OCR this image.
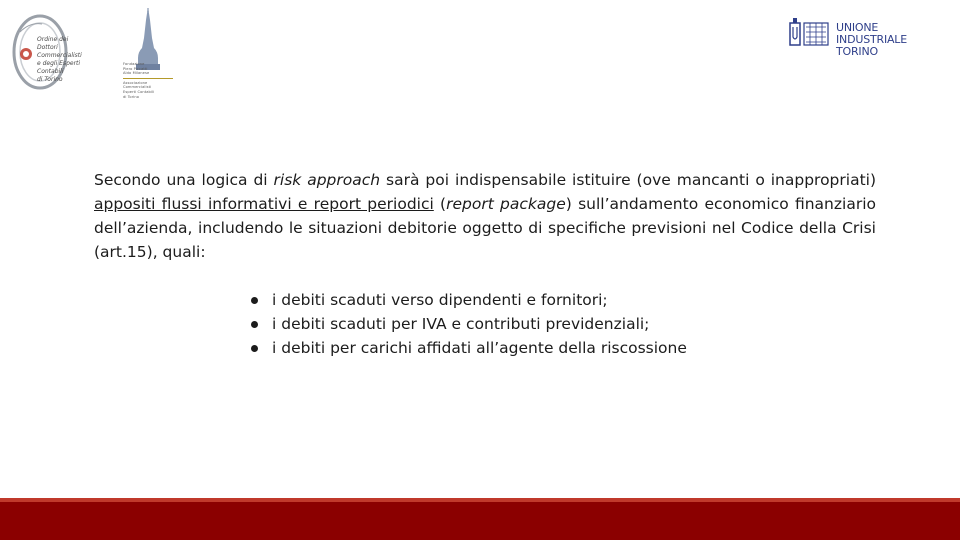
Ordine dei
Dottori Commercialisti
e degli Esperti Contabili
di Torino
Fondazione
Piero Piccatti
Aldo Milanese
Associazione
Commercialisti
Esperti Contabili
di Torino
UNIONE INDUSTRIALE
TORINO
Secondo una logica di risk approach sarà poi indispensabile istituire (ove mancanti o inappropriati) appositi flussi informativi e report periodici (report package) sull’andamento economico finanziario dell’azienda, includendo le situazioni debitorie oggetto di specifiche previsioni nel Codice della Crisi (art.15), quali:
i debiti scaduti verso dipendenti e fornitori;
i debiti scaduti per IVA e contributi previdenziali;
i debiti per carichi affidati all’agente della riscossione
